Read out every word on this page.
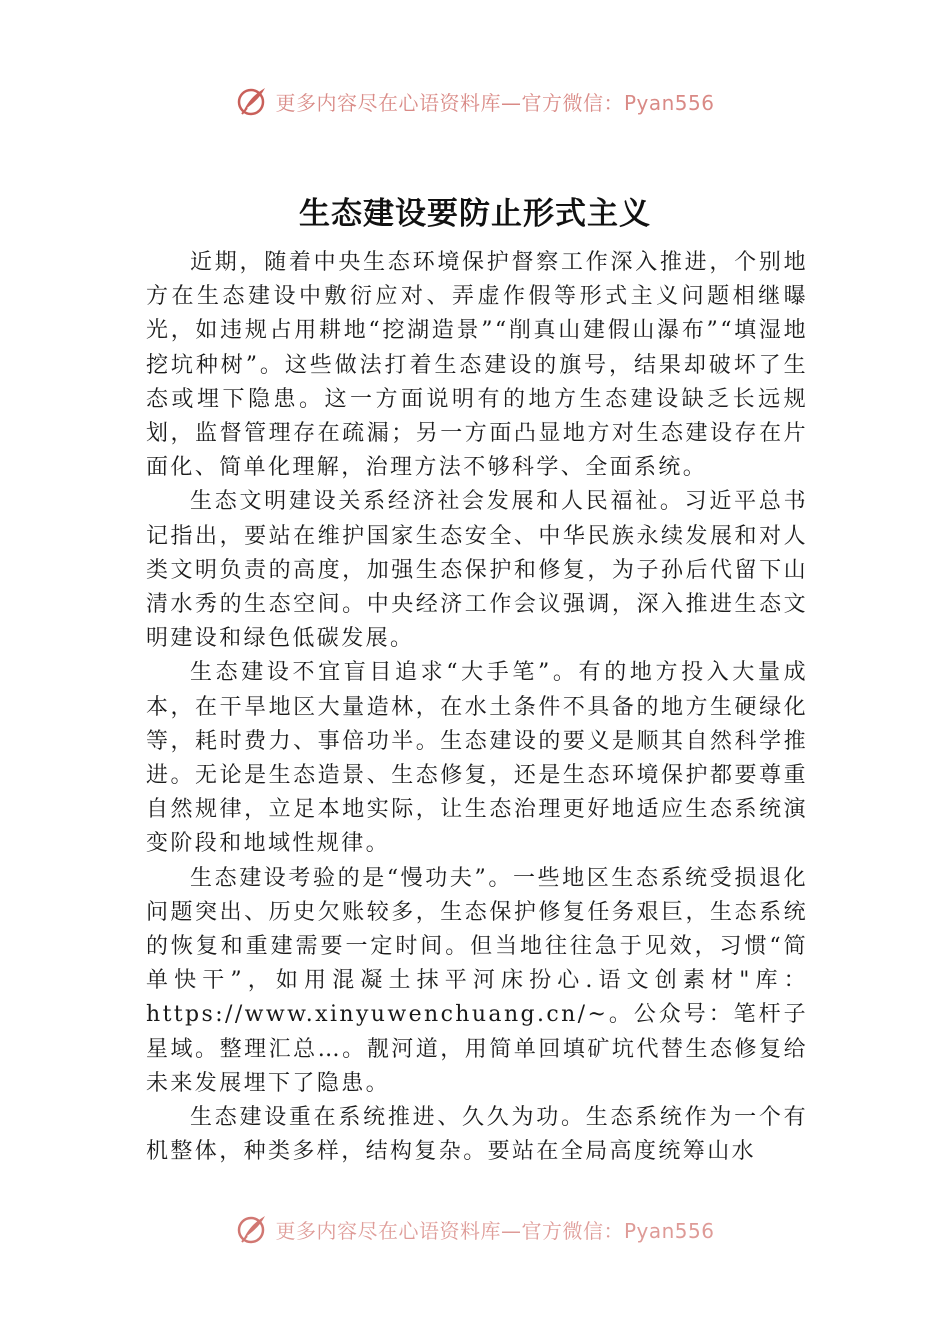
更多内容尽在心语资料库—官方微信：Pyan556
生态建设要防止形式主义

近期，随着中央生态环境保护督察工作深入推进，个别地方在生态建设中敷衍应对、弄虚作假等形式主义问题相继曝光，如违规占用耕地“挖湖造景”“削真山建假山瀑布”“填湿地挖坑种树”。这些做法打着生态建设的旗号，结果却破坏了生态或埋下隐患。这一方面说明有的地方生态建设缺乏长远规划，监督管理存在疏漏；另一方面凸显地方对生态建设存在片面化、简单化理解，治理方法不够科学、全面系统。

生态文明建设关系经济社会发展和人民福祉。习近平总书记指出，要站在维护国家生态安全、中华民族永续发展和对人类文明负责的高度，加强生态保护和修复，为子孙后代留下山清水秀的生态空间。中央经济工作会议强调，深入推进生态文明建设和绿色低碳发展。

生态建设不宜盲目追求“大手笔”。有的地方投入大量成本，在干旱地区大量造林，在水土条件不具备的地方生硬绿化等，耗时费力、事倍功半。生态建设的要义是顺其自然科学推进。无论是生态造景、生态修复，还是生态环境保护都要尊重自然规律，立足本地实际，让生态治理更好地适应生态系统演变阶段和地域性规律。

生态建设考验的是“慢功夫”。一些地区生态系统受损退化问题突出、历史欠账较多，生态保护修复任务艰巨，生态系统的恢复和重建需要一定时间。但当地往往急于见效，习惯“简单快干”，如用混凝土抹平河床扮心.语文创素材"库：https://www.xinyuwenchuang.cn/~。公众号：笔杆子星域。整理汇总…。靓河道，用简单回填矿坑代替生态修复给未来发展埋下了隐患。

生态建设重在系统推进、久久为功。生态系统作为一个有机整体，种类多样，结构复杂。要站在全局高度统筹山水

更多内容尽在心语资料库—官方微信：Pyan556
